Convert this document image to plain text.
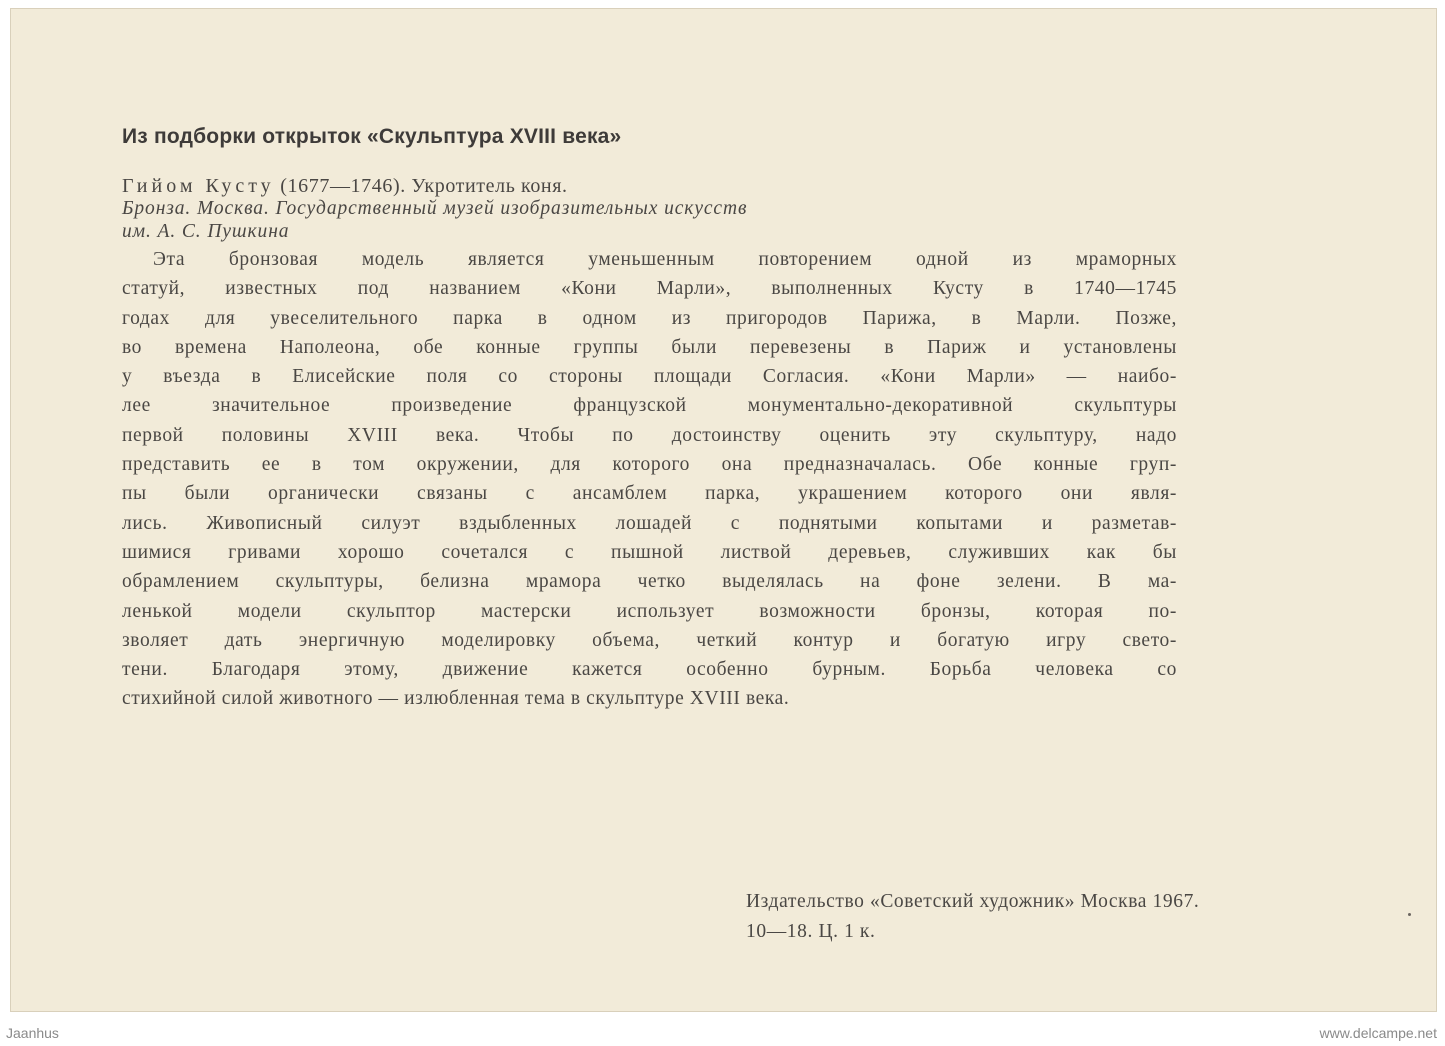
Из подборки открыток «Скульптура XVIII века»
Гийом Кусту (1677—1746). Укротитель коня.
Бронза. Москва. Государственный музей изобразительных искусств
им. А. С. Пушкина
Эта бронзовая модель является уменьшенным повторением одной из мраморных
статуй, известных под названием «Кони Марли», выполненных Кусту в 1740—1745
годах для увеселительного парка в одном из пригородов Парижа, в Марли. Позже,
во времена Наполеона, обе конные группы были перевезены в Париж и установлены
у въезда в Елисейские поля со стороны площади Согласия. «Кони Марли» — наибо-
лее значительное произведение французской монументально-декоративной скульптуры
первой половины XVIII века. Чтобы по достоинству оценить эту скульптуру, надо
представить ее в том окружении, для которого она предназначалась. Обе конные груп-
пы были органически связаны с ансамблем парка, украшением которого они явля-
лись. Живописный силуэт вздыбленных лошадей с поднятыми копытами и разметав-
шимися гривами хорошо сочетался с пышной листвой деревьев, служивших как бы
обрамлением скульптуры, белизна мрамора четко выделялась на фоне зелени. В ма-
ленькой модели скульптор мастерски использует возможности бронзы, которая по-
зволяет дать энергичную моделировку объема, четкий контур и богатую игру свето-
тени. Благодаря этому, движение кажется особенно бурным. Борьба человека со
стихийной силой животного — излюбленная тема в скульптуре XVIII века.
Издательство «Советский художник» Москва 1967.
10—18. Ц. 1 к.
Jaanhus	www.delcampe.net
